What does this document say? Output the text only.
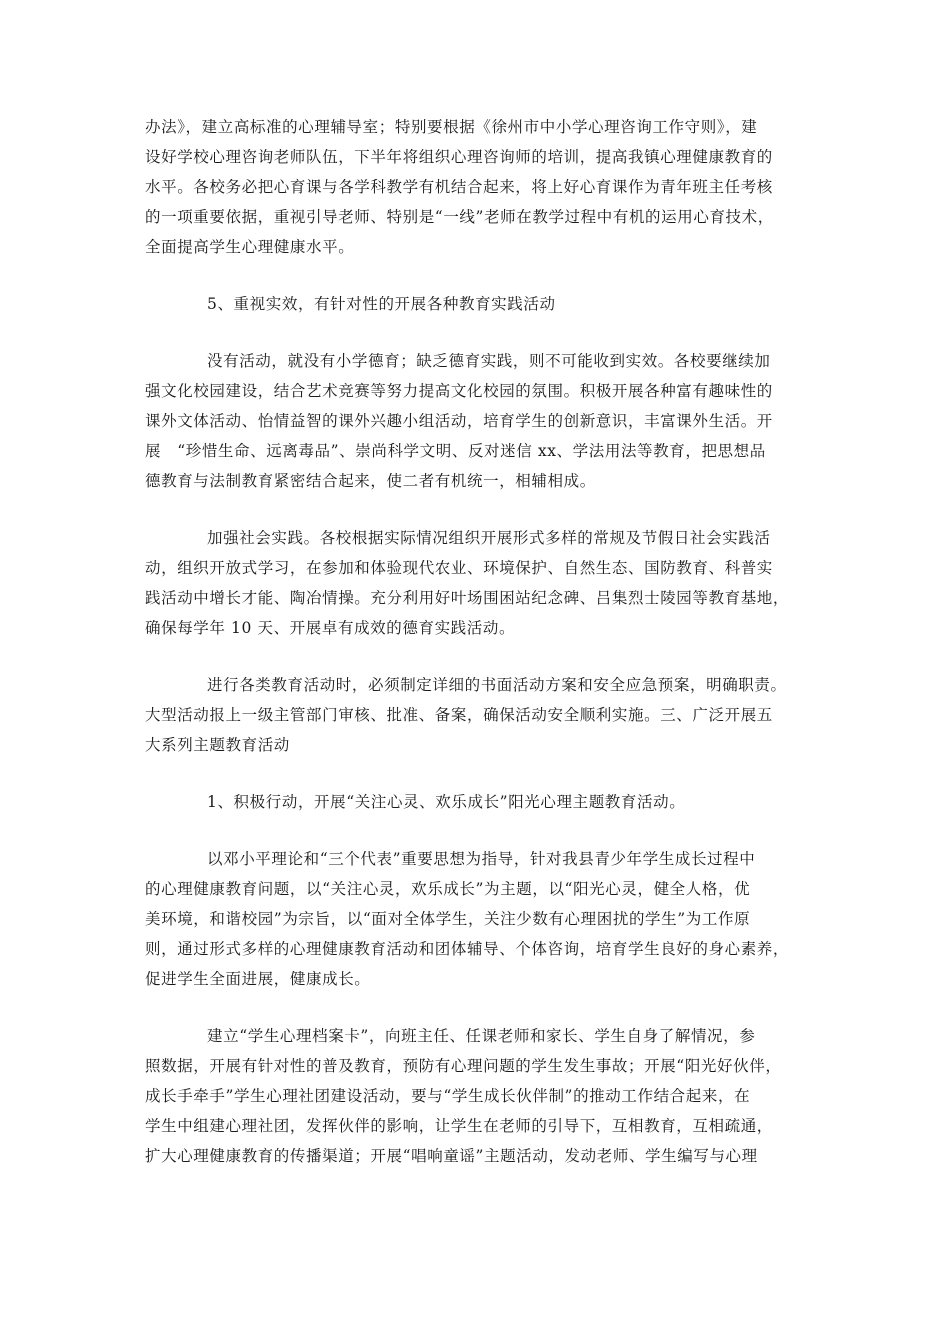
办法》，建立高标准的心理辅导室；特别要根据《徐州市中小学心理咨询工作守则》，建
设好学校心理咨询老师队伍，下半年将组织心理咨询师的培训，提高我镇心理健康教育的
水平。各校务必把心育课与各学科教学有机结合起来，将上好心育课作为青年班主任考核
的一项重要依据，重视引导老师、特别是“一线”老师在教学过程中有机的运用心育技术，
全面提高学生心理健康水平。

5、重视实效，有针对性的开展各种教育实践活动

没有活动，就没有小学德育；缺乏德育实践，则不可能收到实效。各校要继续加
强文化校园建设，结合艺术竞赛等努力提高文化校园的氛围。积极开展各种富有趣味性的
课外文体活动、怡情益智的课外兴趣小组活动，培育学生的创新意识，丰富课外生活。开
展　“珍惜生命、远离毒品”、崇尚科学文明、反对迷信 xx、学法用法等教育，把思想品
德教育与法制教育紧密结合起来，使二者有机统一，相辅相成。

加强社会实践。各校根据实际情况组织开展形式多样的常规及节假日社会实践活
动，组织开放式学习，在参加和体验现代农业、环境保护、自然生态、国防教育、科普实
践活动中增长才能、陶冶情操。充分利用好叶场围困站纪念碑、吕集烈士陵园等教育基地，
确保每学年 10 天、开展卓有成效的德育实践活动。

进行各类教育活动时，必须制定详细的书面活动方案和安全应急预案，明确职责。
大型活动报上一级主管部门审核、批准、备案，确保活动安全顺利实施。三、广泛开展五
大系列主题教育活动

1、积极行动，开展“关注心灵、欢乐成长”阳光心理主题教育活动。

以邓小平理论和“三个代表”重要思想为指导，针对我县青少年学生成长过程中
的心理健康教育问题，以“关注心灵，欢乐成长”为主题，以“阳光心灵，健全人格，优
美环境，和谐校园”为宗旨，以“面对全体学生，关注少数有心理困扰的学生”为工作原
则，通过形式多样的心理健康教育活动和团体辅导、个体咨询，培育学生良好的身心素养，
促进学生全面进展，健康成长。

建立“学生心理档案卡”，向班主任、任课老师和家长、学生自身了解情况，参
照数据，开展有针对性的普及教育，预防有心理问题的学生发生事故；开展“阳光好伙伴，
成长手牵手”学生心理社团建设活动，要与“学生成长伙伴制”的推动工作结合起来，在
学生中组建心理社团，发挥伙伴的影响，让学生在老师的引导下，互相教育，互相疏通，
扩大心理健康教育的传播渠道；开展“唱响童谣”主题活动，发动老师、学生编写与心理
